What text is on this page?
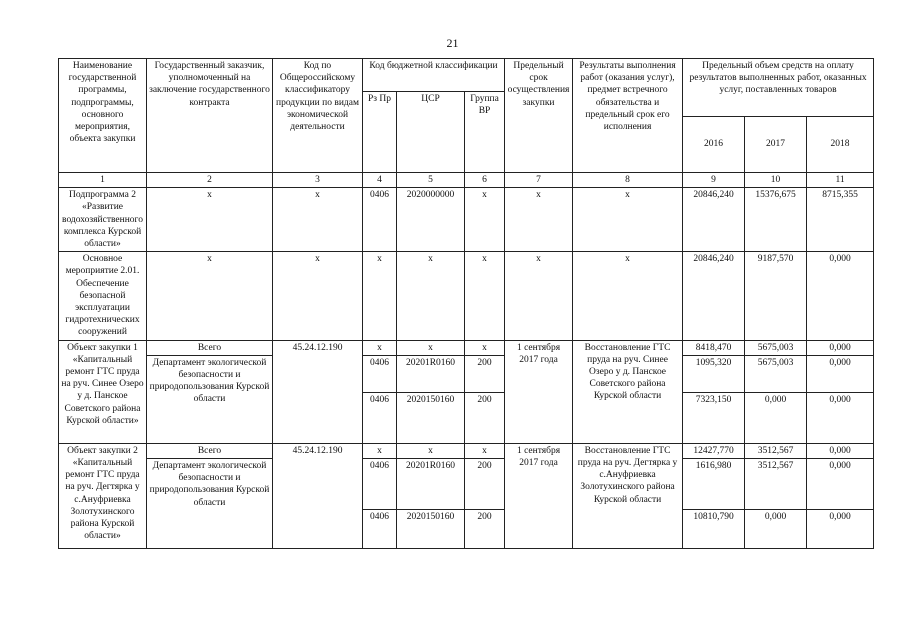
21
Наименование государственной программы, подпрограммы, основного мероприятия, объекта закупки	Государственный заказчик, уполномоченный на заключение государственного контракта	Код по Общероссийскому классификатору продукции по видам экономической деятельности	Код бюджетной классификации			Предельный срок осуществления закупки	Результаты выполнения работ (оказания услуг), предмет встречного обязательства и предельный срок его исполнения	Предельный объем средств на оплату результатов выполненных работ, оказанных услуг, поставленных товаров		
			Рз Пр	ЦСР	Группа ВР					
								2016	2017	2018
1	2	3	4	5	6	7	8	9	10	11
Подпрограмма 2 «Развитие водохозяйственного комплекса Курской области»	х	х	0406	2020000000	х	х	х	20846,240	15376,675	8715,355
Основное мероприятие 2.01. Обеспечение безопасной эксплуатации гидротехнических сооружений	х	х	х	х	х	х	х	20846,240	9187,570	0,000
Объект закупки 1 «Капитальный ремонт ГТС пруда на руч. Синее Озеро у д. Панское Советского района Курской области»	Всего	45.24.12.190	х	х	х	1 сентября 2017 года	Восстановление ГТС пруда на руч. Синее Озеро у д. Панское Советского района Курской области	8418,470	5675,003	0,000
	Департамент экологической безопасности и природопользования Курской области		0406	20201R0160	200			1095,320	5675,003	0,000
			0406	2020150160	200			7323,150	0,000	0,000
Объект закупки 2 «Капитальный ремонт ГТС пруда на руч. Дегтярка у с.Ануфриевка Золотухинского района Курской области»	Всего	45.24.12.190	х	х	х	1 сентября 2017 года	Восстановление ГТС пруда на руч. Дегтярка у с.Ануфриевка Золотухинского района Курской области	12427,770	3512,567	0,000
	Департамент экологической безопасности и природопользования Курской области		0406	20201R0160	200			1616,980	3512,567	0,000
			0406	2020150160	200			10810,790	0,000	0,000
